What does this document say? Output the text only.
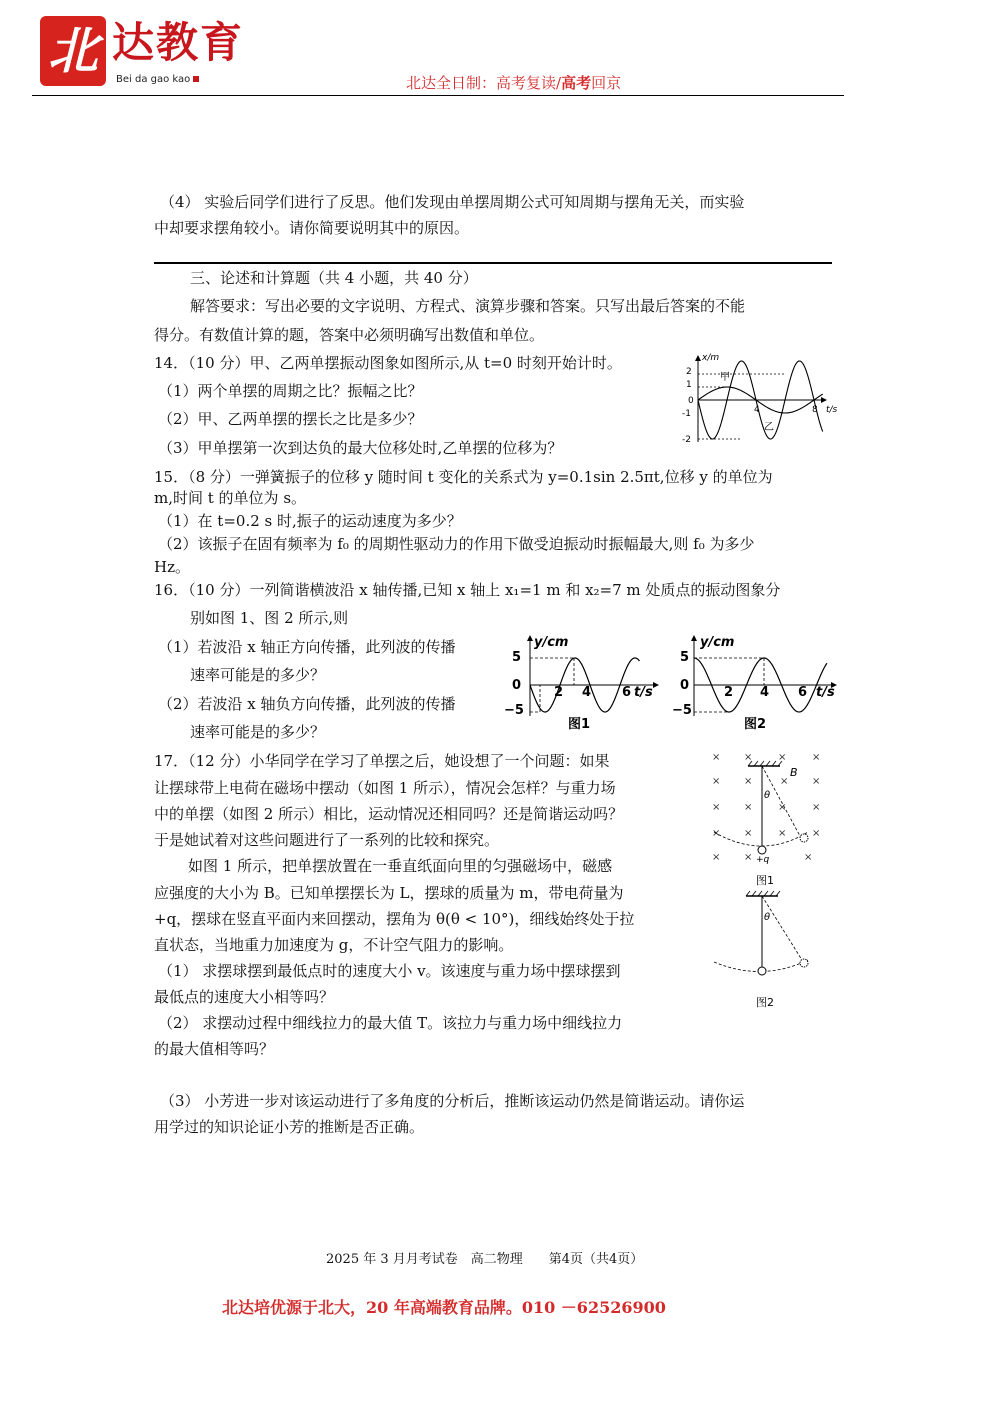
北 达教育
Bei da gao kao	北达全日制：高考复读/高考回京
（4） 实验后同学们进行了反思。他们发现由单摆周期公式可知周期与摆角无关，而实验
中却要求摆角较小。请你简要说明其中的原因。
三、论述和计算题（共 4 小题，共 40 分）
解答要求：写出必要的文字说明、方程式、演算步骤和答案。只写出最后答案的不能
得分。有数值计算的题，答案中必须明确写出数值和单位。
14．（10 分）甲、乙两单摆振动图象如图所示,从 t=0 时刻开始计时。
（1）两个单摆的周期之比？振幅之比？
（2）甲、乙两单摆的摆长之比是多少？
（3）甲单摆第一次到达负的最大位移处时,乙单摆的位移为？
x/m
t/s
2
1
0
-1
-2
4	8
甲
乙
15．（8 分）一弹簧振子的位移 y 随时间 t 变化的关系式为 y=0.1sin 2.5πt,位移 y 的单位为
m,时间 t 的单位为 s。
（1）在 t=0.2 s 时,振子的运动速度为多少？
（2）该振子在固有频率为 f₀ 的周期性驱动力的作用下做受迫振动时振幅最大,则 f₀ 为多少
Hz。
16．（10 分）一列简谐横波沿 x 轴传播,已知 x 轴上 x₁=1 m 和 x₂=7 m 处质点的振动图象分
别如图 1、图 2 所示,则
（1）若波沿 x 轴正方向传播，此列波的传播
速率可能是的多少？
（2）若波沿 x 轴负方向传播，此列波的传播
速率可能是的多少？
y/cm
t/s
5
0
−5
2 4 6
图1
y/cm
t/s
5
0
−5
2 4 6
图2
17．（12 分）小华同学在学习了单摆之后，她设想了一个问题：如果
让摆球带上电荷在磁场中摆动（如图 1 所示），情况会怎样？与重力场
中的单摆（如图 2 所示）相比，运动情况还相同吗？还是简谐运动吗？
于是她试着对这些问题进行了一系列的比较和探究。
如图 1 所示，把单摆放置在一垂直纸面向里的匀强磁场中，磁感
应强度的大小为 B。已知单摆摆长为 L，摆球的质量为 m，带电荷量为
+q，摆球在竖直平面内来回摆动，摆角为 θ(θ < 10°)，细线始终处于拉
直状态，当地重力加速度为 g，不计空气阻力的影响。
（1） 求摆球摆到最低点时的速度大小 v。该速度与重力场中摆球摆到
最低点的速度大小相等吗？
（2） 求摆动过程中细线拉力的最大值 T。该拉力与重力场中细线拉力
的最大值相等吗？
（3） 小芳进一步对该运动进行了多角度的分析后，推断该运动仍然是简谐运动。请你运
用学过的知识论证小芳的推断是否正确。
× ×	×	×
× ×	× ×
× ×	×	×
× ×	×	×
× ×	×
B
θ
+q
图1
θ
图2
2025 年 3 月月考试卷　高二物理　　第4页（共4页）
北达培优源于北大，20 年高端教育品牌。010 －62526900
